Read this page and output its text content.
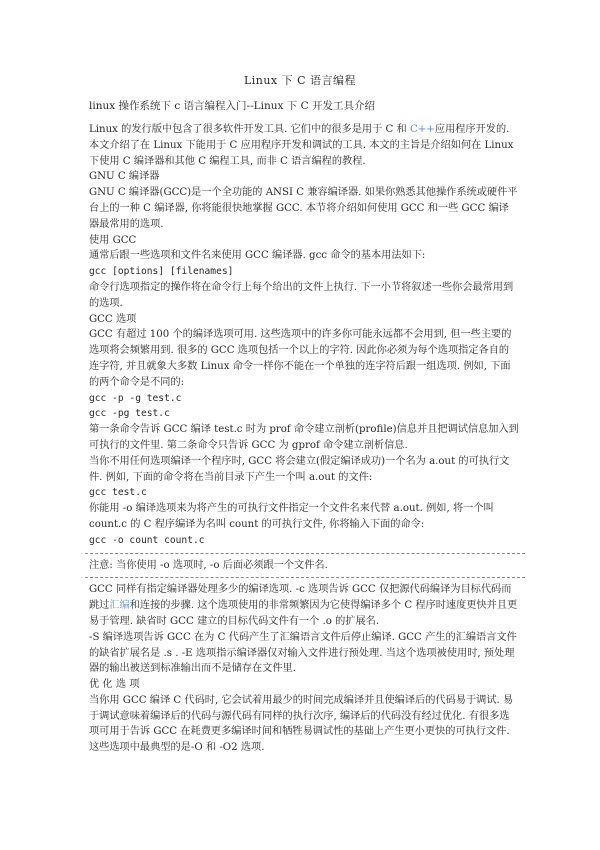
Linux 下 C 语言编程
linux 操作系统下 c 语言编程入门--Linux 下 C 开发工具介绍

Linux 的发行版中包含了很多软件开发工具. 它们中的很多是用于 C 和 C++应用程序开发的. 本文介绍了在 Linux 下能用于 C 应用程序开发和调试的工具. 本文的主旨是介绍如何在 Linux 下使用 C 编译器和其他 C 编程工具, 而非 C 语言编程的教程.

GNU C 编译器

GNU C 编译器(GCC)是一个全功能的 ANSI C 兼容编译器. 如果你熟悉其他操作系统或硬件平台上的一种 C 编译器, 你将能很快地掌握 GCC. 本节将介绍如何使用 GCC 和一些 GCC 编译器最常用的选项.

使用 GCC

通常后跟一些选项和文件名来使用 GCC 编译器. gcc 命令的基本用法如下:

gcc [options] [filenames]

命令行选项指定的操作将在命令行上每个给出的文件上执行. 下一小节将叙述一些你会最常用到的选项.

GCC 选项

GCC 有超过 100 个的编译选项可用. 这些选项中的许多你可能永远都不会用到, 但一些主要的选项将会频繁用到. 很多的 GCC 选项包括一个以上的字符. 因此你必须为每个选项指定各自的连字符, 并且就象大多数 Linux 命令一样你不能在一个单独的连字符后跟一组选项. 例如, 下面的两个命令是不同的:

gcc -p -g test.c
gcc -pg test.c

第一条命令告诉 GCC 编译 test.c 时为 prof 命令建立剖析(profile)信息并且把调试信息加入到可执行的文件里. 第二条命令只告诉 GCC 为 gprof 命令建立剖析信息.

当你不用任何选项编译一个程序时, GCC 将会建立(假定编译成功)一个名为 a.out 的可执行文件. 例如, 下面的命令将在当前目录下产生一个叫 a.out 的文件:

gcc test.c

你能用 -o 编译选项来为将产生的可执行文件指定一个文件名来代替 a.out. 例如, 将一个叫 count.c 的 C 程序编译为名叫 count 的可执行文件, 你将输入下面的命令:

gcc -o count count.c
注意: 当你使用 -o 选项时, -o 后面必须跟一个文件名.

GCC 同样有指定编译器处理多少的编译选项. -c 选项告诉 GCC 仅把源代码编译为目标代码而跳过汇编和连接的步骤. 这个选项使用的非常频繁因为它使得编译多个 C 程序时速度更快并且更易于管理. 缺省时 GCC 建立的目标代码文件有一个 .o 的扩展名.

-S 编译选项告诉 GCC 在为 C 代码产生了汇编语言文件后停止编译. GCC 产生的汇编语言文件的缺省扩展名是 .s . -E 选项指示编译器仅对输入文件进行预处理. 当这个选项被使用时, 预处理器的输出被送到标准输出而不是储存在文件里.

优 化 选 项

当你用 GCC 编译 C 代码时, 它会试着用最少的时间完成编译并且使编译后的代码易于调试. 易于调试意味着编译后的代码与源代码有同样的执行次序, 编译后的代码没有经过优化. 有很多选项可用于告诉 GCC 在耗费更多编译时间和牺牲易调试性的基础上产生更小更快的可执行文件. 这些选项中最典型的是-O 和 -O2 选项.
